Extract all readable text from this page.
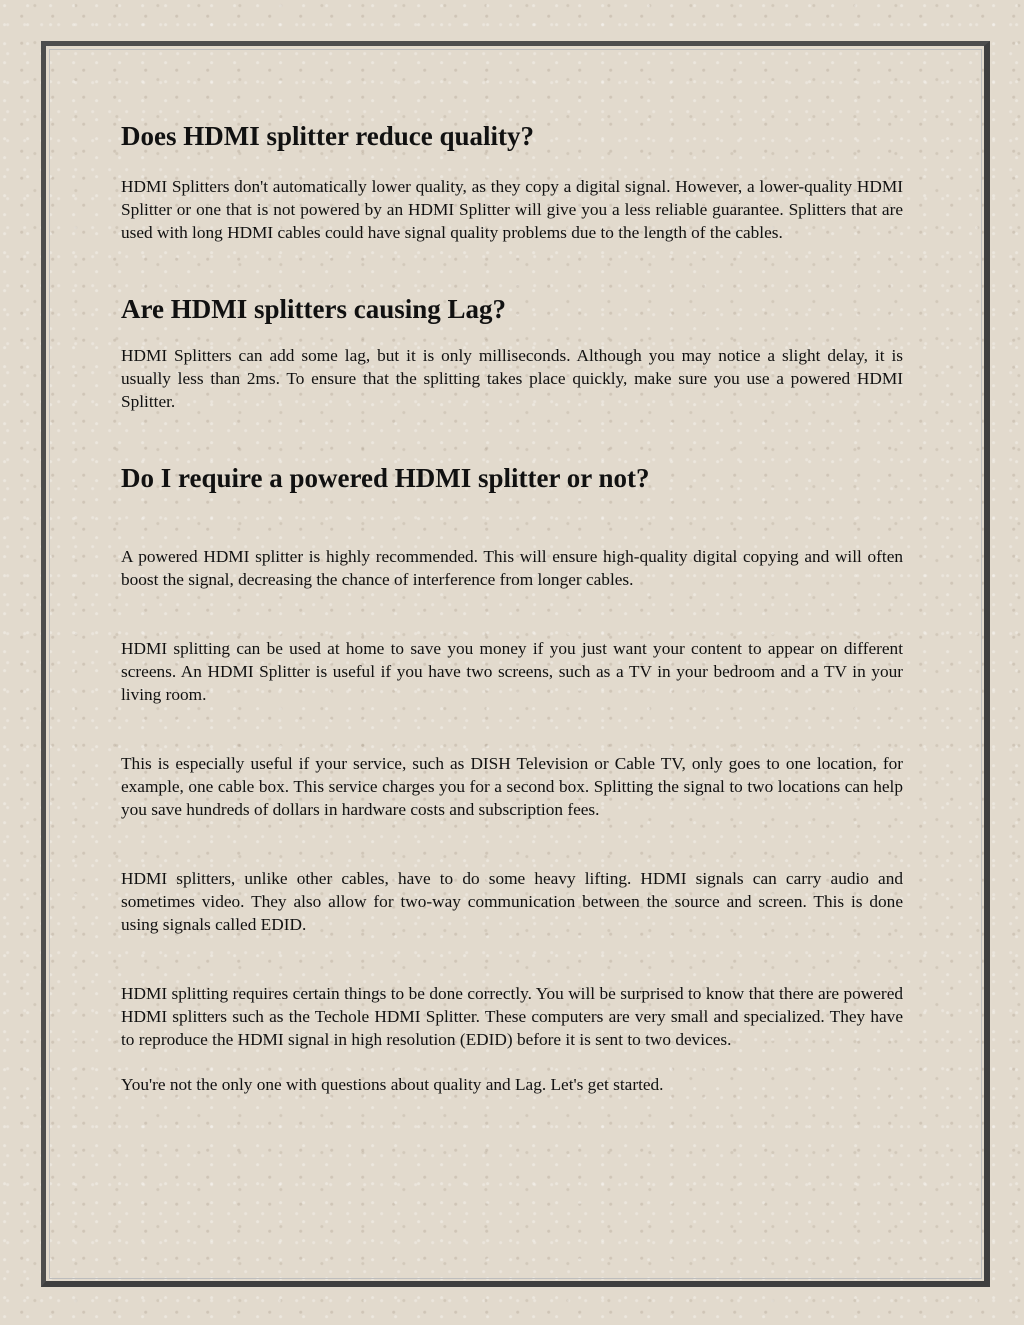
Does HDMI splitter reduce quality?

HDMI Splitters don't automatically lower quality, as they copy a digital signal. However, a lower-quality HDMI Splitter or one that is not powered by an HDMI Splitter will give you a less reliable guarantee. Splitters that are used with long HDMI cables could have signal quality problems due to the length of the cables.

Are HDMI splitters causing Lag?

HDMI Splitters can add some lag, but it is only milliseconds. Although you may notice a slight delay, it is usually less than 2ms. To ensure that the splitting takes place quickly, make sure you use a powered HDMI Splitter.

Do I require a powered HDMI splitter or not?

A powered HDMI splitter is highly recommended. This will ensure high-quality digital copying and will often boost the signal, decreasing the chance of interference from longer cables.

HDMI splitting can be used at home to save you money if you just want your content to appear on different screens. An HDMI Splitter is useful if you have two screens, such as a TV in your bedroom and a TV in your living room.

This is especially useful if your service, such as DISH Television or Cable TV, only goes to one location, for example, one cable box. This service charges you for a second box. Splitting the signal to two locations can help you save hundreds of dollars in hardware costs and subscription fees.

HDMI splitters, unlike other cables, have to do some heavy lifting. HDMI signals can carry audio and sometimes video. They also allow for two-way communication between the source and screen. This is done using signals called EDID.

HDMI splitting requires certain things to be done correctly. You will be surprised to know that there are powered HDMI splitters such as the Techole HDMI Splitter. These computers are very small and specialized. They have to reproduce the HDMI signal in high resolution (EDID) before it is sent to two devices.

You're not the only one with questions about quality and Lag. Let's get started.
